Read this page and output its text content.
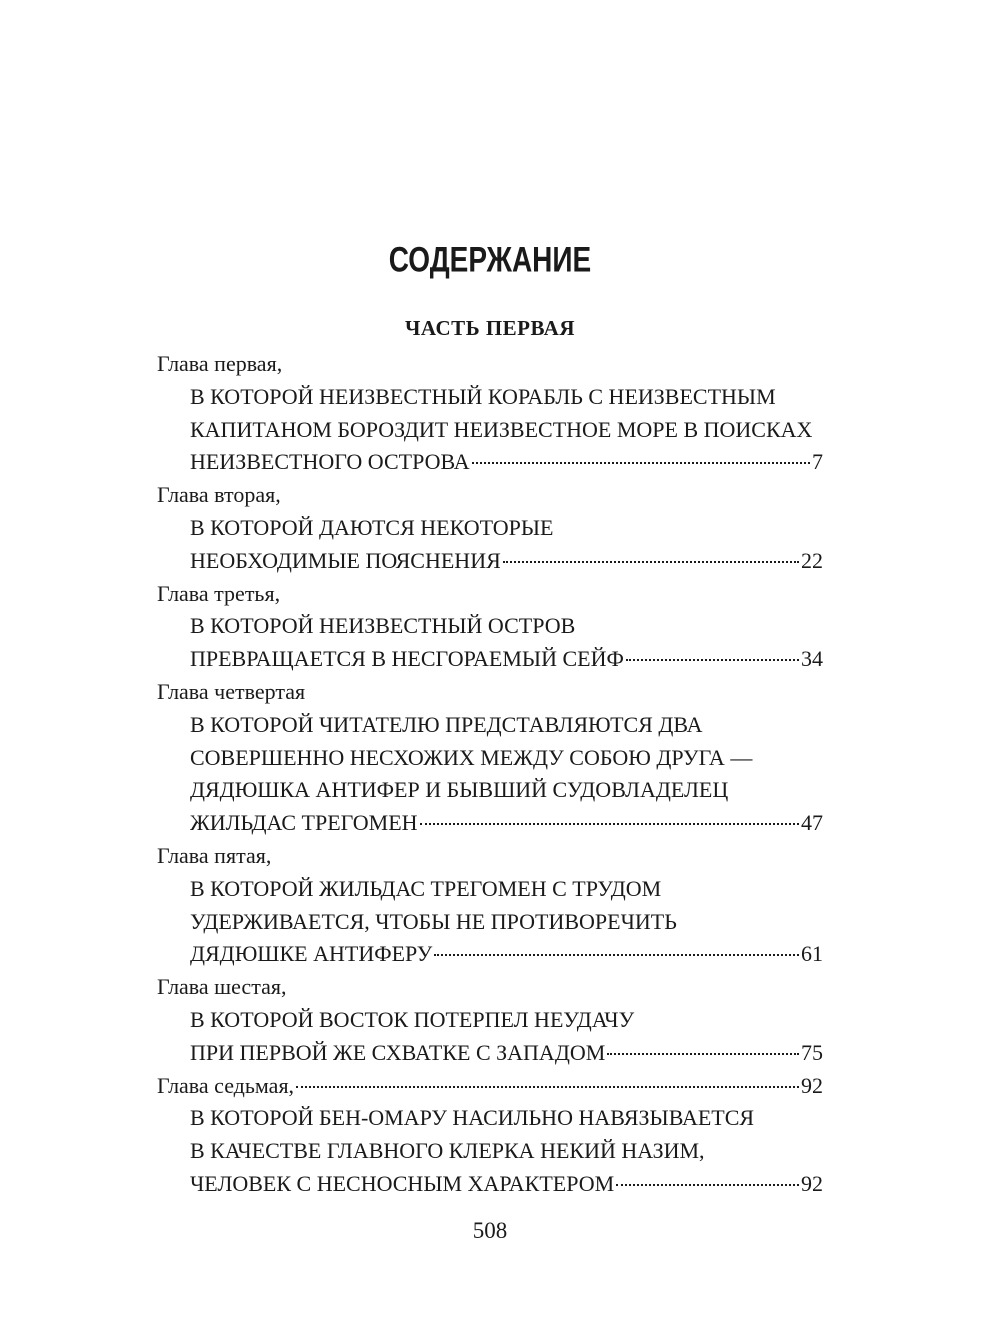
СОДЕРЖАНИЕ
ЧАСТЬ ПЕРВАЯ
Глава первая,
В КОТОРОЙ НЕИЗВЕСТНЫЙ КОРАБЛЬ С НЕИЗВЕСТНЫМ
КАПИТАНОМ БОРОЗДИТ НЕИЗВЕСТНОЕ МОРЕ В ПОИСКАХ
НЕИЗВЕСТНОГО ОСТРОВА	7
Глава вторая,
В КОТОРОЙ ДАЮТСЯ НЕКОТОРЫЕ
НЕОБХОДИМЫЕ ПОЯСНЕНИЯ	22
Глава третья,
В КОТОРОЙ НЕИЗВЕСТНЫЙ ОСТРОВ
ПРЕВРАЩАЕТСЯ В НЕСГОРАЕМЫЙ СЕЙФ	34
Глава четвертая
В КОТОРОЙ ЧИТАТЕЛЮ ПРЕДСТАВЛЯЮТСЯ ДВА
СОВЕРШЕННО НЕСХОЖИХ МЕЖДУ СОБОЮ ДРУГА —
ДЯДЮШКА АНТИФЕР И БЫВШИЙ СУДОВЛАДЕЛЕЦ
ЖИЛЬДАС ТРЕГОМЕН	47
Глава пятая,
В КОТОРОЙ ЖИЛЬДАС ТРЕГОМЕН С ТРУДОМ
УДЕРЖИВАЕТСЯ, ЧТОБЫ НЕ ПРОТИВОРЕЧИТЬ
ДЯДЮШКЕ АНТИФЕРУ	61
Глава шестая,
В КОТОРОЙ ВОСТОК ПОТЕРПЕЛ НЕУДАЧУ
ПРИ ПЕРВОЙ ЖЕ СХВАТКЕ С ЗАПАДОМ	75
Глава седьмая,	92
В КОТОРОЙ БЕН-ОМАРУ НАСИЛЬНО НАВЯЗЫВАЕТСЯ
В КАЧЕСТВЕ ГЛАВНОГО КЛЕРКА НЕКИЙ НАЗИМ,
ЧЕЛОВЕК С НЕСНОСНЫМ ХАРАКТЕРОМ	92
508
